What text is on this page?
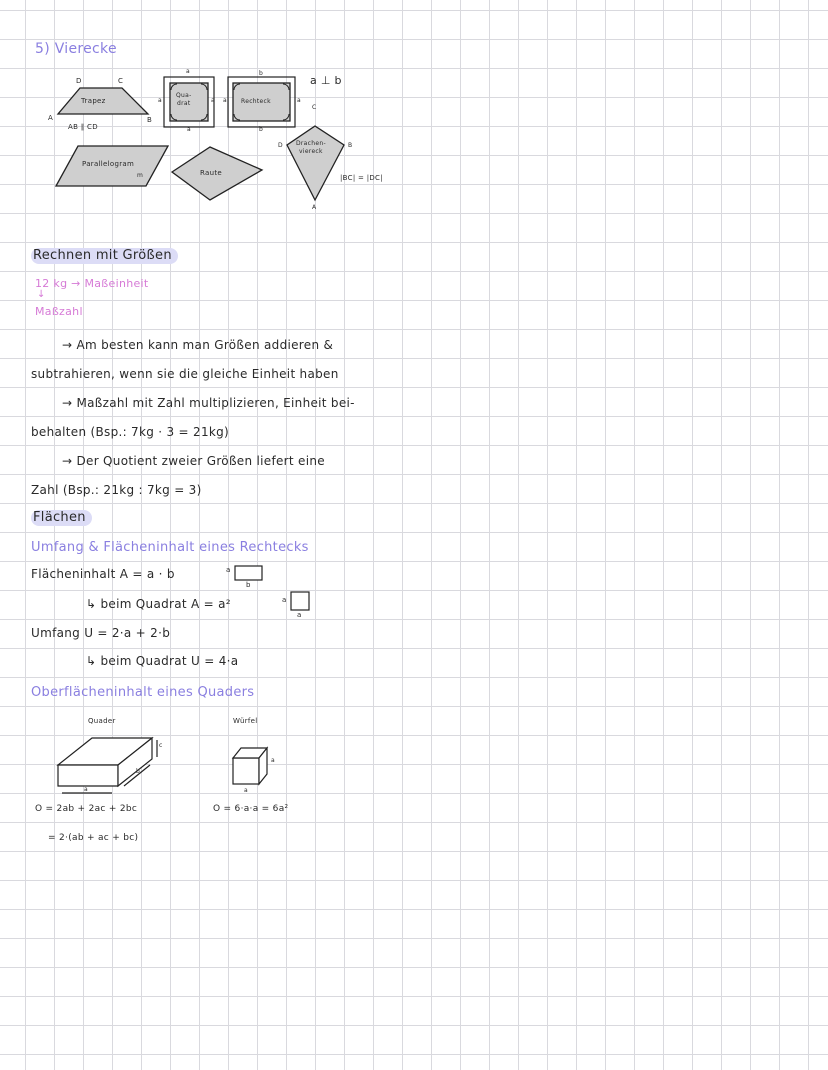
5) Vierecke
D	C
A	B
Trapez
AB ∥ CD
Qua-
drat
a
a	a
a
Rechteck
b
a	a
b
Parallelogram
m	Raute
Drachen-
viereck
D	B
C
A
a ⊥ b
|BC| = |DC|
Rechnen mit Größen
12 kg → Maßeinheit
↓
Maßzahl
→ Am besten kann man Größen addieren &
subtrahieren, wenn sie die gleiche Einheit haben
→ Maßzahl mit Zahl multiplizieren, Einheit bei-
behalten (Bsp.: 7kg · 3 = 21kg)
→ Der Quotient zweier Größen liefert eine
Zahl (Bsp.: 21kg : 7kg = 3)
Flächen
Umfang & Flächeninhalt eines Rechtecks
Flächeninhalt A = a · b	a
b
↳ beim Quadrat A = a²	a
a
Umfang U = 2·a + 2·b
↳ beim Quadrat U = 4·a
Oberflächeninhalt eines Quaders
Quader	Würfel
a
b
c
a
a
O = 2ab + 2ac + 2bc
= 2·(ab + ac + bc)
O = 6·a·a = 6a²
